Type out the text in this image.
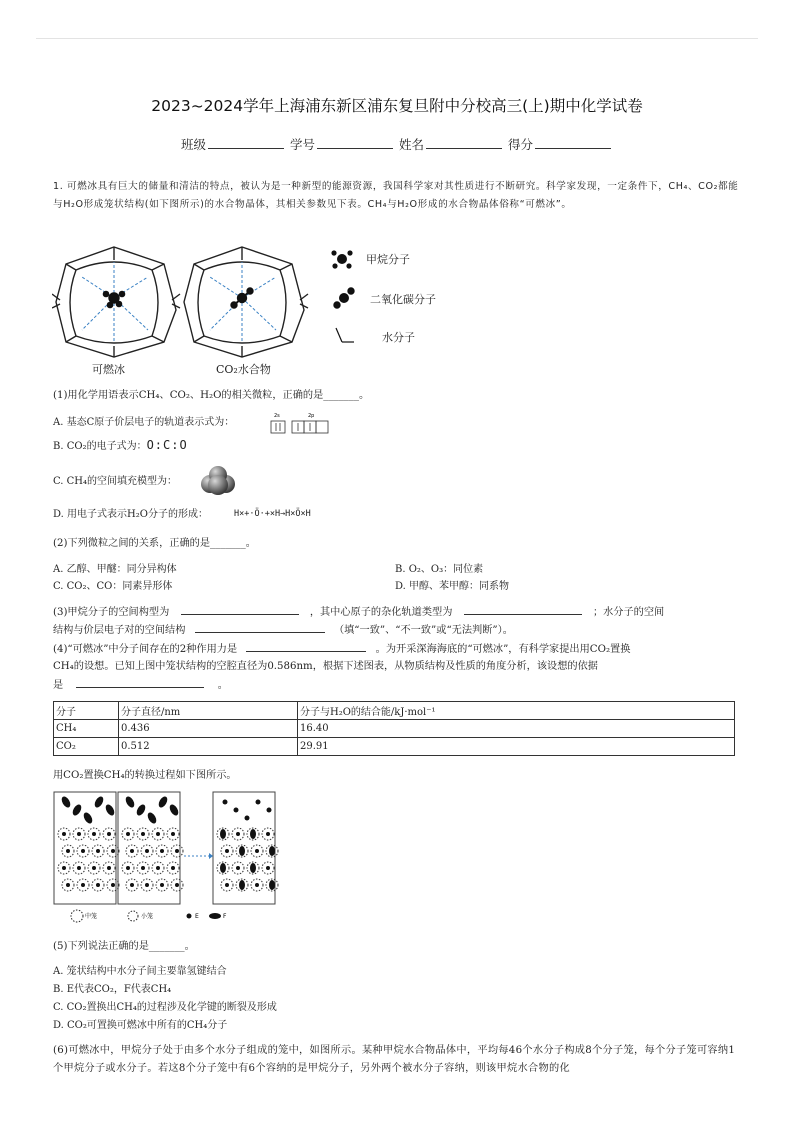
2023~2024学年上海浦东新区浦东复旦附中分校高三(上)期中化学试卷
班级	学号	姓名	得分
1. 可燃冰具有巨大的储量和清洁的特点，被认为是一种新型的能源资源，我国科学家对其性质进行不断研究。科学家发现，一定条件下，CH₄、CO₂都能与H₂O形成笼状结构(如下图所示)的水合物晶体，其相关参数见下表。CH₄与H₂O形成的水合物晶体俗称“可燃冰”。
可燃冰	CO₂水合物
甲烷分子
二氧化碳分子
水分子
(1)用化学用语表示CH₄、CO₂、H₂O的相关微粒，正确的是_______。
A. 基态C原子价层电子的轨道表示式为：
2s	2p
B. CO₂的电子式为：O:C:O
C. CH₄的空间填充模型为：
D. 用电子式表示H₂O分子的形成：	H×+·Ö·+×H→H×Ö×H
(2)下列微粒之间的关系，正确的是_______。
A. 乙醇、甲醚：同分异构体	B. O₂、O₃：同位素
C. CO₂、CO：同素异形体	D. 甲醇、苯甲醇：同系物
(3)甲烷分子的空间构型为	，其中心原子的杂化轨道类型为	；水分子的空间
结构与价层电子对的空间结构	（填“一致”、“不一致”或“无法判断”）。
(4)“可燃冰”中分子间存在的2种作用力是	。为开采深海海底的“可燃冰”，有科学家提出用CO₂置换
CH₄的设想。已知上图中笼状结构的空腔直径为0.586nm，根据下述图表，从物质结构及性质的角度分析，该设想的依据
是	。
分子	分子直径/nm	分子与H₂O的结合能/kJ·mol⁻¹
CH₄	0.436	16.40
CO₂	0.512	29.91
用CO₂置换CH₄的转换过程如下图所示。
中笼	小笼	E	F
(5)下列说法正确的是_______。
A. 笼状结构中水分子间主要靠氢键结合
B. E代表CO₂，F代表CH₄
C. CO₂置换出CH₄的过程涉及化学键的断裂及形成
D. CO₂可置换可燃冰中所有的CH₄分子
(6)可燃冰中，甲烷分子处于由多个水分子组成的笼中，如图所示。某种甲烷水合物晶体中，平均每46个水分子构成8个分子笼，每个分子笼可容纳1个甲烷分子或水分子。若这8个分子笼中有6个容纳的是甲烷分子，另外两个被水分子容纳，则该甲烷水合物的化
